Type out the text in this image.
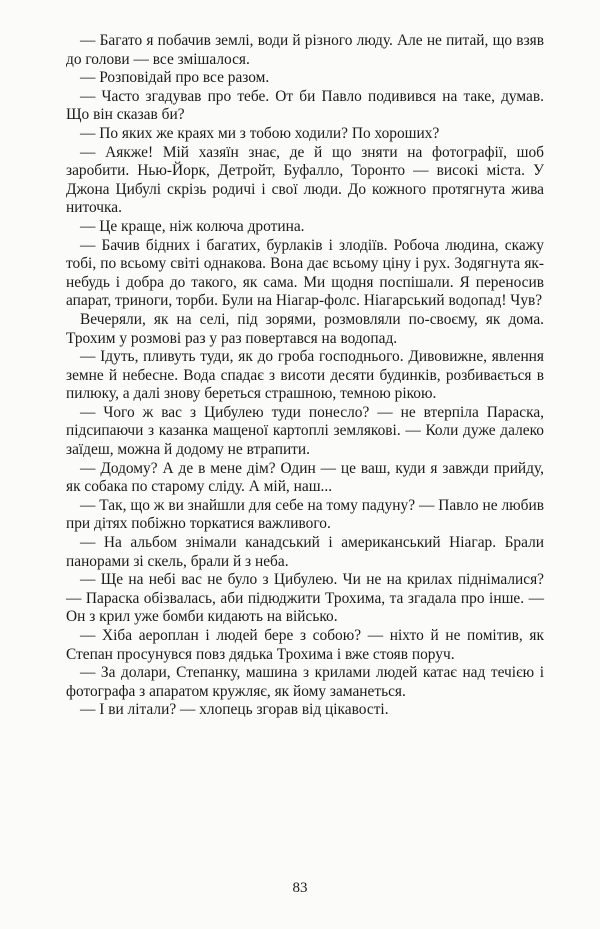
— Багато я побачив землі, води й різного люду. Але не питай, що взяв до голови — все змішалося.

— Розповідай про все разом.

— Часто згадував про тебе. От би Павло подивився на таке, думав. Що він сказав би?

— По яких же краях ми з тобою ходили? По хороших?

— Аякже! Мій хазяїн знає, де й що зняти на фотографії, шоб заробити. Нью-Йорк, Детройт, Буфалло, Торонто — високі міста. У Джона Цибулі скрізь родичі і свої люди. До кожного протягнута жива ниточка.

— Це краще, ніж колюча дротина.

— Бачив бідних і багатих, бурлаків і злодіїв. Робоча людина, скажу тобі, по всьому світі однакова. Вона дає всьому ціну і рух. Зодягнута як-небудь і добра до такого, як сама. Ми щодня поспішали. Я переносив апарат, триноги, торби. Були на Ніагар-фолс. Ніагарський водопад! Чув?

Вечеряли, як на селі, під зорями, розмовляли по-своєму, як дома. Трохим у розмові раз у раз повертався на водопад.

— Ідуть, пливуть туди, як до гроба господнього. Дивовижне, явлення земне й небесне. Вода спадає з висоти десяти будинків, розбивається в пилюку, а далі знову береться страшною, темною рікою.

— Чого ж вас з Цибулею туди понесло? — не втерпіла Параска, підсипаючи з казанка мащеної картоплі землякові. — Коли дуже далеко заїдеш, можна й додому не втрапити.

— Додому? А де в мене дім? Один — це ваш, куди я завжди прийду, як собака по старому сліду. А мій, наш...

— Так, що ж ви знайшли для себе на тому падуну? — Павло не любив при дітях побіжно торкатися важливого.

— На альбом знімали канадський і американський Ніагар. Брали панорами зі скель, брали й з неба.

— Ще на небі вас не було з Цибулею. Чи не на крилах піднімалися? — Параска обізвалась, аби підюджити Трохима, та згадала про інше. — Он з крил уже бомби кидають на військо.

— Хіба аероплан і людей бере з собою? — ніхто й не помітив, як Степан просунувся повз дядька Трохима і вже стояв поруч.

— За долари, Степанку, машина з крилами людей катає над течією і фотографа з апаратом кружляє, як йому заманеться.

— І ви літали? — хлопець згорав від цікавості.

83
